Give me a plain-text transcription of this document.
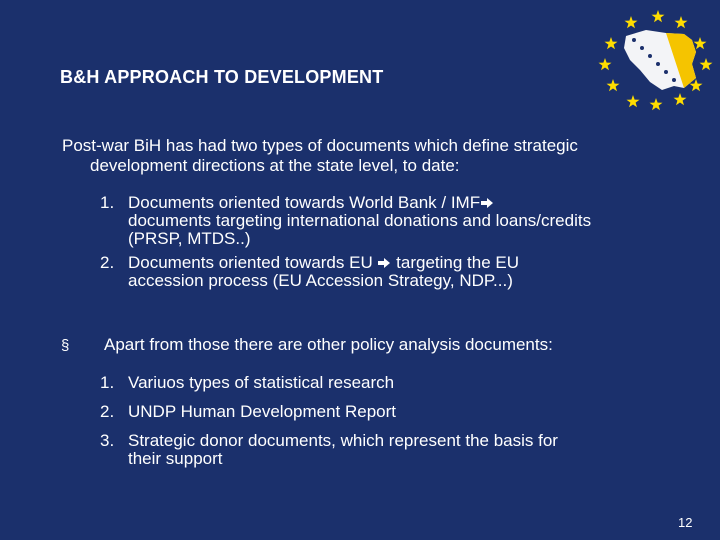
B&H APPROACH TO DEVELOPMENT
Post-war BiH has had two types of documents which define strategic
development directions at the state level, to date:
1. Documents oriented towards World Bank / IMF
documents targeting international donations and loans/credits
(PRSP, MTDS..)
2. Documents oriented towards EU  targeting the EU
accession process (EU Accession Strategy, NDP...)
§ Apart from those there are other policy analysis documents:
1. Variuos types of statistical research
2. UNDP Human Development Report
3. Strategic donor documents, which represent the basis for
their support
12
